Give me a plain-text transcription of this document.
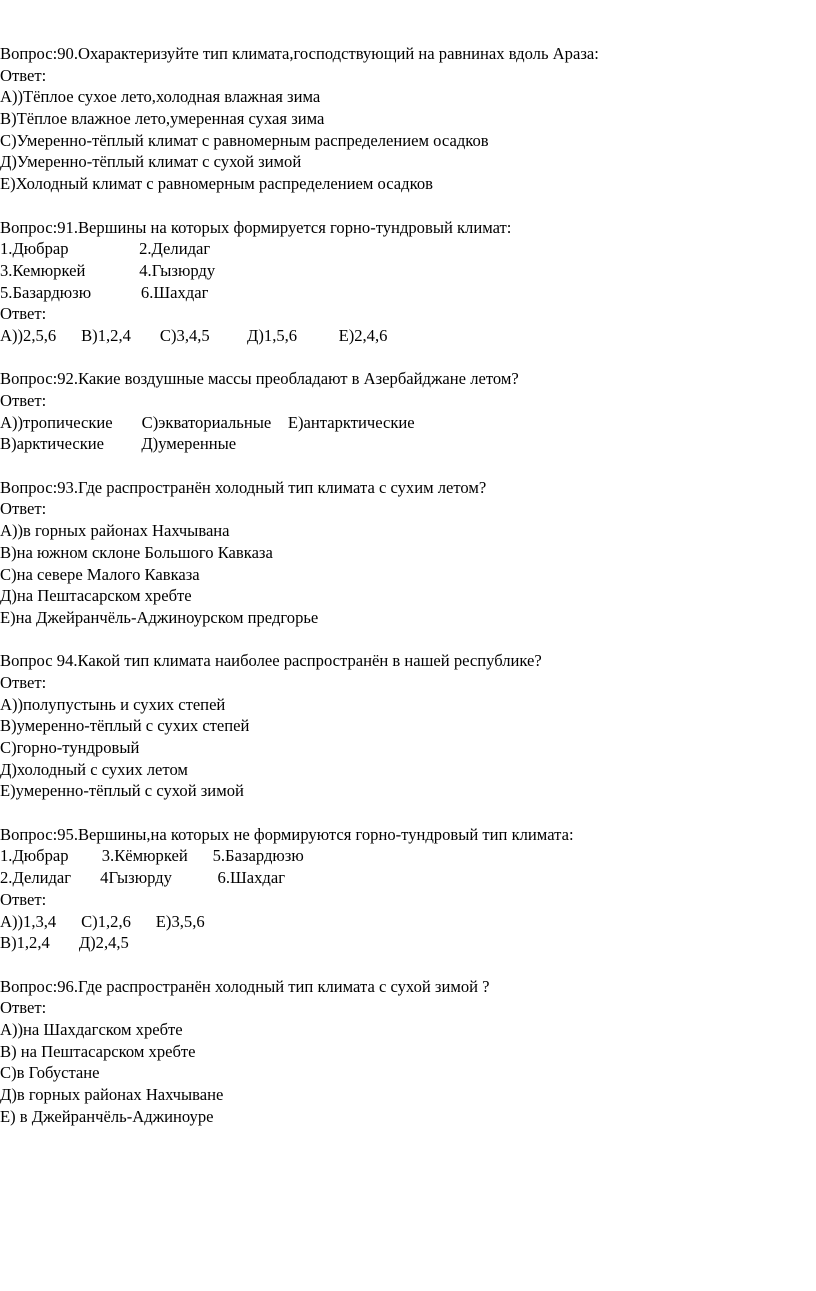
Вопрос:90.Охарактеризуйте тип климата,господствующий на равнинах вдоль Араза:
Ответ:
А))Тёплое сухое лето,холодная влажная зима
В)Тёплое влажное лето,умеренная сухая зима
С)Умеренно-тёплый климат с равномерным распределением осадков
Д)Умеренно-тёплый климат с сухой зимой
Е)Холодный климат с равномерным распределением осадков
Вопрос:91.Вершины на которых формируется горно-тундровый климат:
1.Дюбрар                 2.Делидаг
3.Кемюркей             4.Гызюрду
5.Базардюзю            6.Шахдаг
Ответ:
А))2,5,6      В)1,2,4       С)3,4,5         Д)1,5,6          Е)2,4,6
Вопрос:92.Какие воздушные массы преобладают в Азербайджане летом?
Ответ:
А))тропические       С)экваториальные    Е)антарктические
В)арктические         Д)умеренные
Вопрос:93.Где распространён холодный тип климата с сухим летом?
Ответ:
А))в горных районах Нахчывана
В)на южном склоне Большого Кавказа
С)на севере Малого Кавказа
Д)на Пештасарском хребте
Е)на Джейранчёль-Аджиноурском предгорье
Вопрос 94.Какой тип климата наиболее распространён в нашей республике?
Ответ:
А))полупустынь и сухих степей
В)умеренно-тёплый с сухих степей
С)горно-тундровый
Д)холодный с сухих летом
Е)умеренно-тёплый с сухой зимой
Вопрос:95.Вершины,на которых не формируются горно-тундровый тип климата:
1.Дюбрар        3.Кёмюркей      5.Базардюзю
2.Делидаг       4Гызюрду           6.Шахдаг
Ответ:
А))1,3,4      С)1,2,6      Е)3,5,6
В)1,2,4       Д)2,4,5
Вопрос:96.Где распространён холодный тип климата с сухой зимой ?
Ответ:
А))на Шахдагском хребте
В) на Пештасарском хребте
С)в Гобустане
Д)в горных районах Нахчыване
Е) в Джейранчёль-Аджиноуре
